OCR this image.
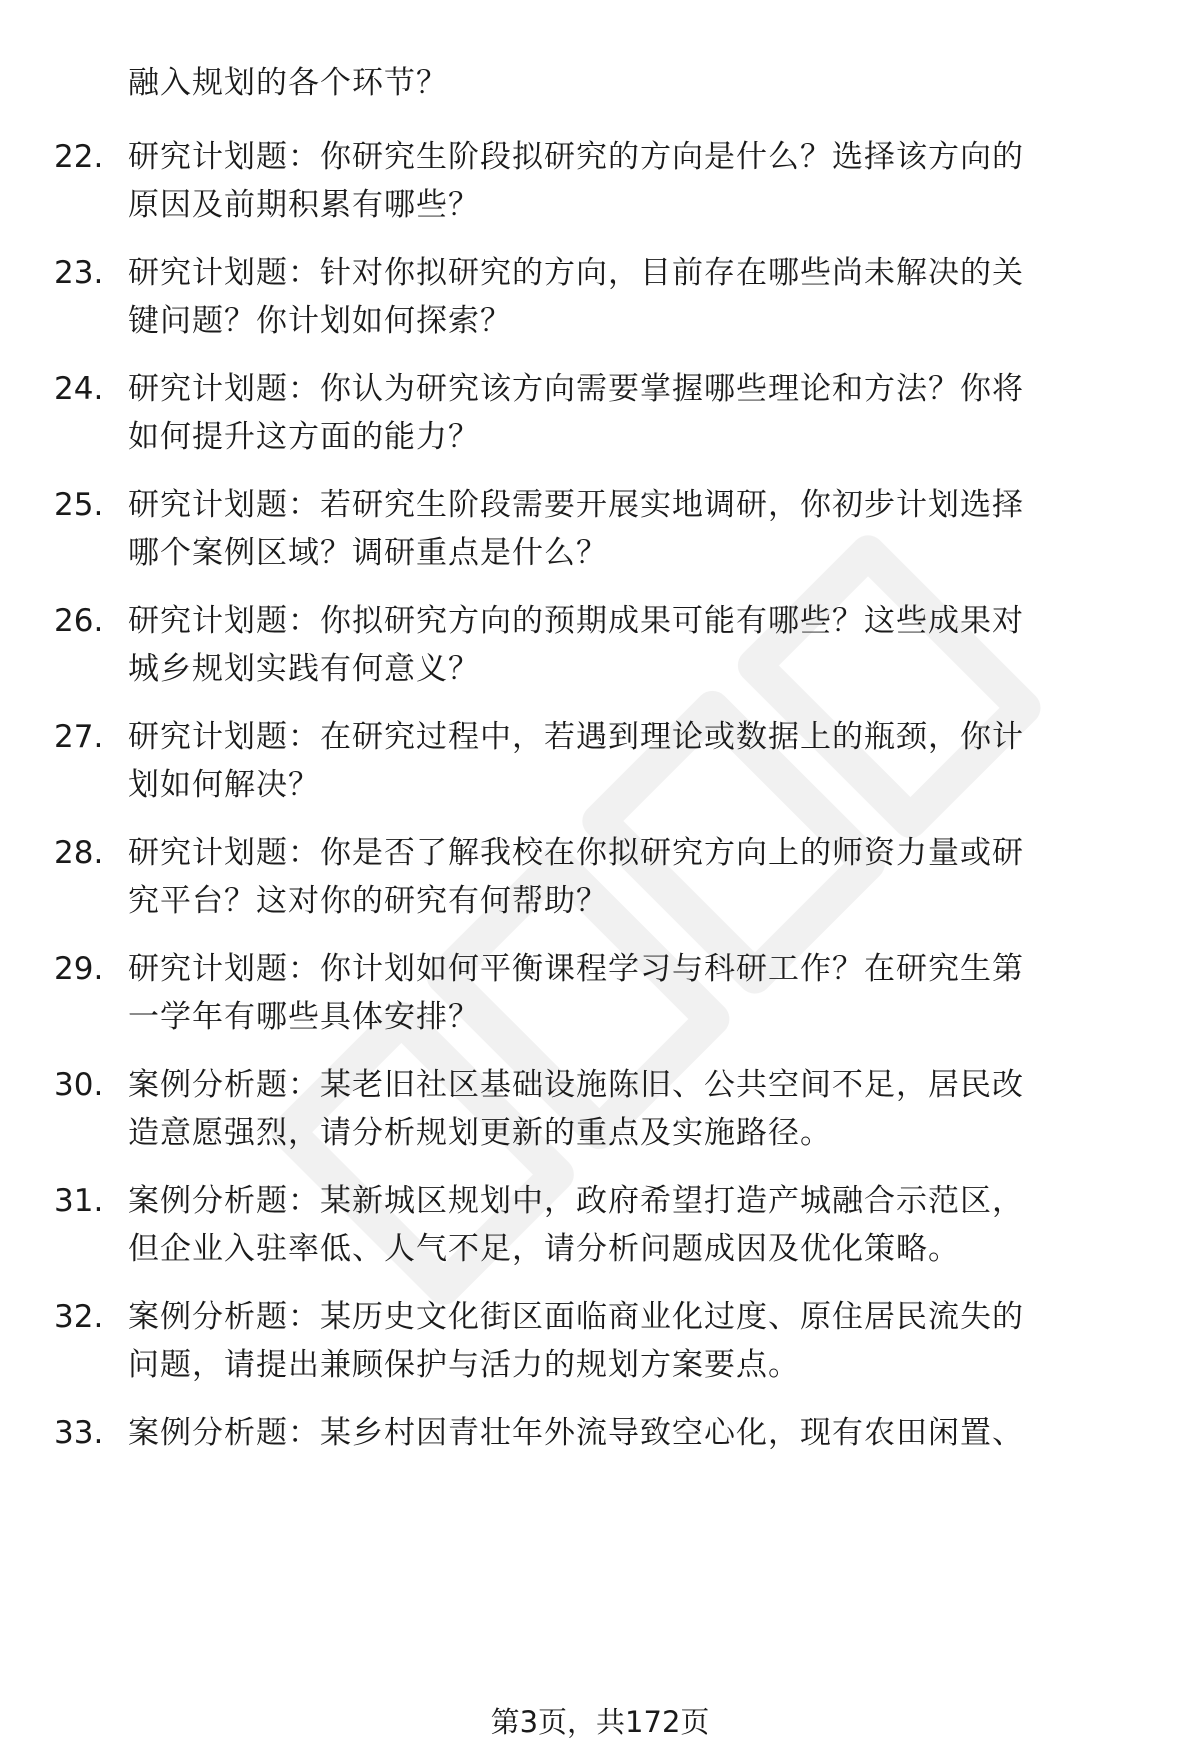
融入规划的各个环节？
22. 研究计划题：你研究生阶段拟研究的方向是什么？选择该方向的
原因及前期积累有哪些？
23. 研究计划题：针对你拟研究的方向，目前存在哪些尚未解决的关
键问题？你计划如何探索？
24. 研究计划题：你认为研究该方向需要掌握哪些理论和方法？你将
如何提升这方面的能力？
25. 研究计划题：若研究生阶段需要开展实地调研，你初步计划选择
哪个案例区域？调研重点是什么？
26. 研究计划题：你拟研究方向的预期成果可能有哪些？这些成果对
城乡规划实践有何意义？
27. 研究计划题：在研究过程中，若遇到理论或数据上的瓶颈，你计
划如何解决？
28. 研究计划题：你是否了解我校在你拟研究方向上的师资力量或研
究平台？这对你的研究有何帮助？
29. 研究计划题：你计划如何平衡课程学习与科研工作？在研究生第
一学年有哪些具体安排？
30. 案例分析题：某老旧社区基础设施陈旧、公共空间不足，居民改
造意愿强烈，请分析规划更新的重点及实施路径。
31. 案例分析题：某新城区规划中，政府希望打造产城融合示范区，
但企业入驻率低、人气不足，请分析问题成因及优化策略。
32. 案例分析题：某历史文化街区面临商业化过度、原住居民流失的
问题，请提出兼顾保护与活力的规划方案要点。
33. 案例分析题：某乡村因青壮年外流导致空心化，现有农田闲置、
第3页，共172页
